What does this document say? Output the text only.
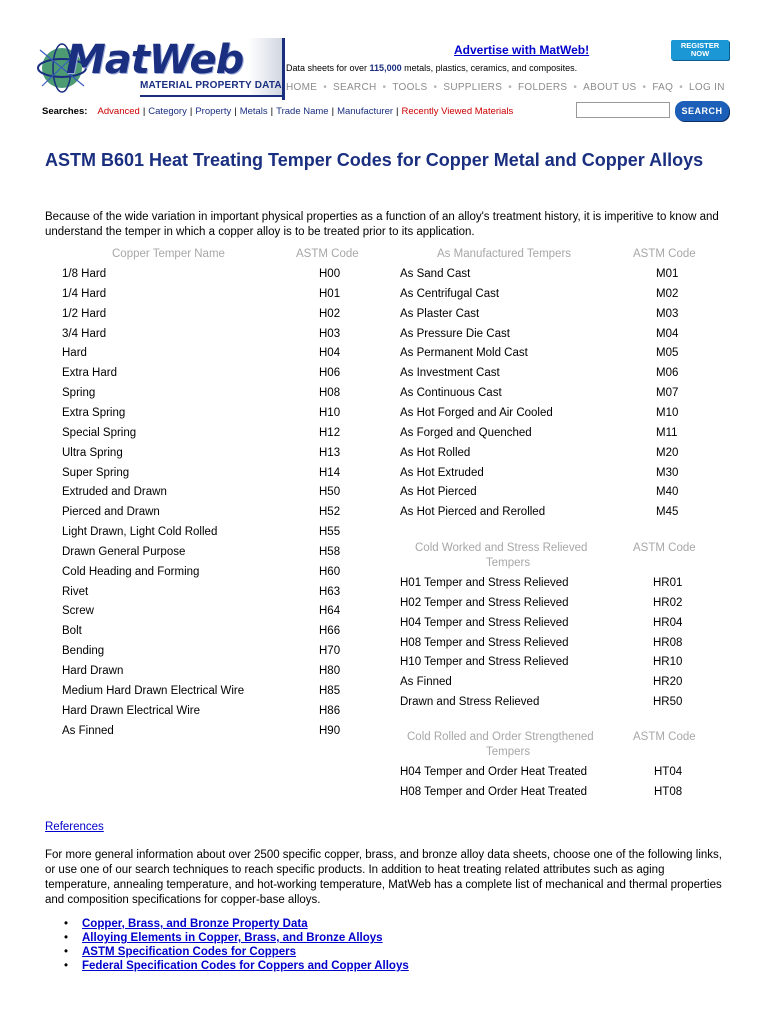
MatWeb
MATERIAL PROPERTY DATA
Advertise with MatWeb!	REGISTER
NOW
Data sheets for over 115,000 metals, plastics, ceramics, and composites.
HOME • SEARCH • TOOLS • SUPPLIERS • FOLDERS • ABOUT US • FAQ • LOG IN
Searches: Advanced | Category | Property | Metals | Trade Name | Manufacturer | Recently Viewed Materials	SEARCH
ASTM B601 Heat Treating Temper Codes for Copper Metal and Copper Alloys

Because of the wide variation in important physical properties as a function of an alloy's treatment history, it is imperitive to know and understand the temper in which a copper alloy is to be treated prior to its application.

Copper Temper Name	ASTM Code
1/8 Hard	H00
1/4 Hard	H01
1/2 Hard	H02
3/4 Hard	H03
Hard	H04
Extra Hard	H06
Spring	H08
Extra Spring	H10
Special Spring	H12
Ultra Spring	H13
Super Spring	H14
Extruded and Drawn	H50
Pierced and Drawn	H52
Light Drawn, Light Cold Rolled	H55
Drawn General Purpose	H58
Cold Heading and Forming	H60
Rivet	H63
Screw	H64
Bolt	H66
Bending	H70
Hard Drawn	H80
Medium Hard Drawn Electrical Wire	H85
Hard Drawn Electrical Wire	H86
As Finned	H90
As Manufactured Tempers	ASTM Code
As Sand Cast	M01
As Centrifugal Cast	M02
As Plaster Cast	M03
As Pressure Die Cast	M04
As Permanent Mold Cast	M05
As Investment Cast	M06
As Continuous Cast	M07
As Hot Forged and Air Cooled	M10
As Forged and Quenched	M11
As Hot Rolled	M20
As Hot Extruded	M30
As Hot Pierced	M40
As Hot Pierced and Rerolled	M45
Cold Worked and Stress Relieved
Tempers
ASTM Code
H01 Temper and Stress Relieved	HR01
H02 Temper and Stress Relieved	HR02
H04 Temper and Stress Relieved	HR04
H08 Temper and Stress Relieved	HR08
H10 Temper and Stress Relieved	HR10
As Finned	HR20
Drawn and Stress Relieved	HR50
Cold Rolled and Order Strengthened
Tempers
ASTM Code
H04 Temper and Order Heat Treated	HT04
H08 Temper and Order Heat Treated	HT08
References

For more general information about over 2500 specific copper, brass, and bronze alloy data sheets, choose one of the following links, or use one of our search techniques to reach specific products. In addition to heat treating related attributes such as aging temperature, annealing temperature, and hot-working temperature, MatWeb has a complete list of mechanical and thermal properties and composition specifications for copper-base alloys.

• Copper, Brass, and Bronze Property Data
• Alloying Elements in Copper, Brass, and Bronze Alloys
• ASTM Specification Codes for Coppers
• Federal Specification Codes for Coppers and Copper Alloys
